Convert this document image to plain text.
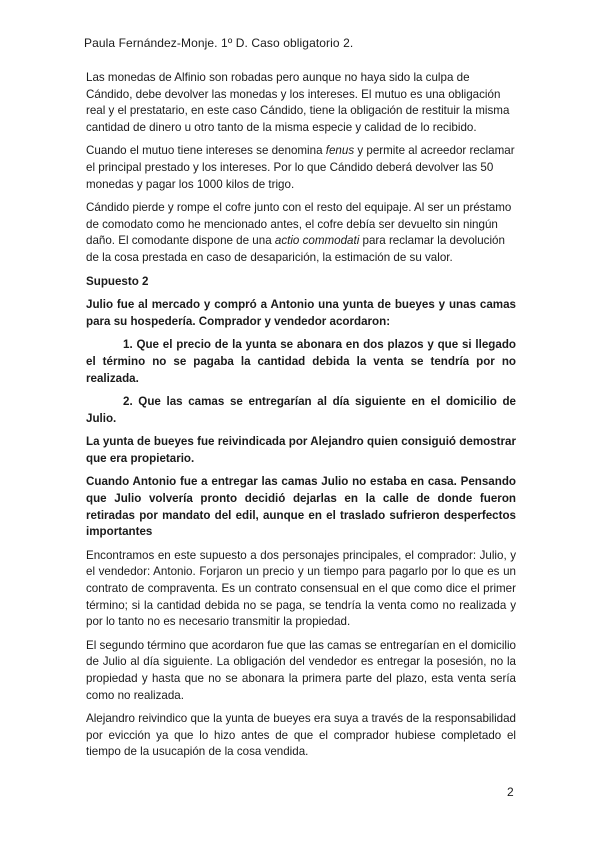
Paula Fernández-Monje. 1º D. Caso obligatorio 2.

Las monedas de Alfinio son robadas pero aunque no haya sido la culpa de Cándido, debe devolver las monedas y los intereses. El mutuo es una obligación real y el prestatario, en este caso Cándido, tiene la obligación de restituir la misma cantidad de dinero u otro tanto de la misma especie y calidad de lo recibido.

Cuando el mutuo tiene intereses se denomina fenus y permite al acreedor reclamar el principal prestado y los intereses. Por lo que Cándido deberá devolver las 50 monedas y pagar los 1000 kilos de trigo.

Cándido pierde y rompe el cofre junto con el resto del equipaje. Al ser un préstamo de comodato como he mencionado antes, el cofre debía ser devuelto sin ningún daño. El comodante dispone de una actio commodati para reclamar la devolución de la cosa prestada en caso de desaparición, la estimación de su valor.

Supuesto 2

Julio fue al mercado y compró a Antonio una yunta de bueyes y unas camas para su hospedería. Comprador y vendedor acordaron:

1. Que el precio de la yunta se abonara en dos plazos y que si llegado el término no se pagaba la cantidad debida la venta se tendría por no realizada.

2. Que las camas se entregarían al día siguiente en el domicilio de Julio.

La yunta de bueyes fue reivindicada por Alejandro quien consiguió demostrar que era propietario.

Cuando Antonio fue a entregar las camas Julio no estaba en casa. Pensando que Julio volvería pronto decidió dejarlas en la calle de donde fueron retiradas por mandato del edil, aunque en el traslado sufrieron desperfectos importantes

Encontramos en este supuesto a dos personajes principales, el comprador: Julio, y el vendedor: Antonio. Forjaron un precio y un tiempo para pagarlo por lo que es un contrato de compraventa. Es un contrato consensual en el que como dice el primer término; si la cantidad debida no se paga, se tendría la venta como no realizada y por lo tanto no es necesario transmitir la propiedad.

El segundo término que acordaron fue que las camas se entregarían en el domicilio de Julio al día siguiente. La obligación del vendedor es entregar la posesión, no la propiedad y hasta que no se abonara la primera parte del plazo, esta venta sería como no realizada.

Alejandro reivindico que la yunta de bueyes era suya a través de la responsabilidad por evicción ya que lo hizo antes de que el comprador hubiese completado el tiempo de la usucapión de la cosa vendida.

2
